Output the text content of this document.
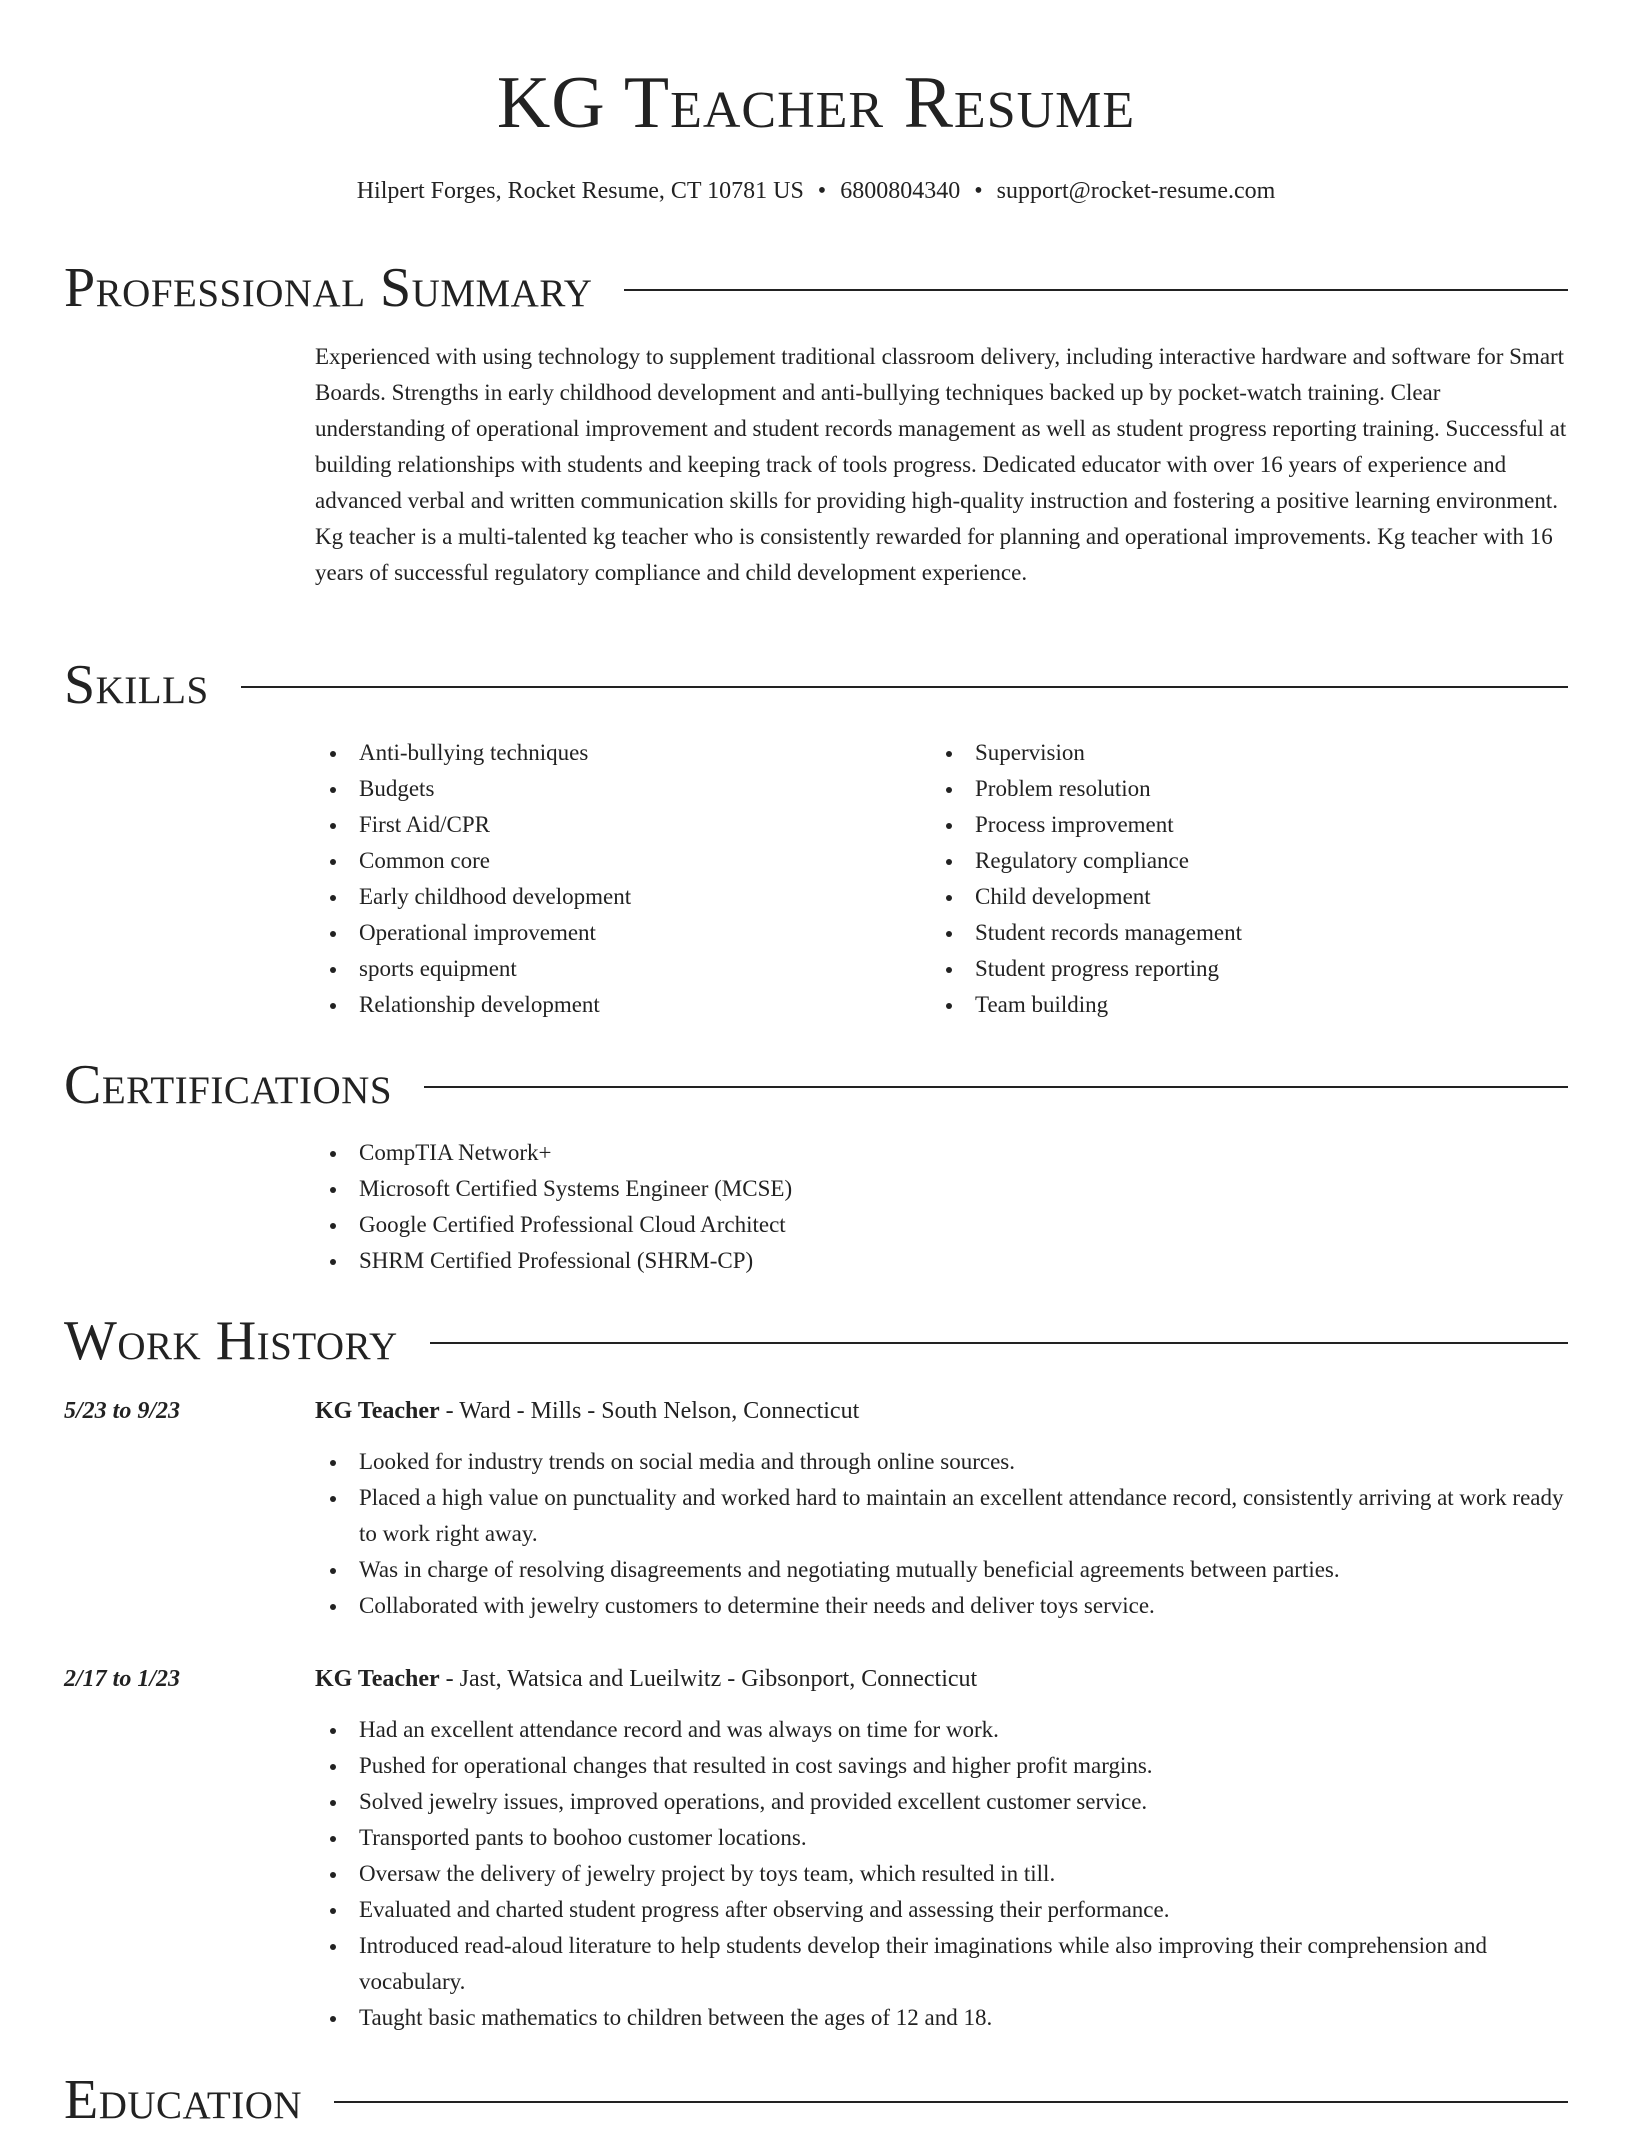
KG Teacher Resume
Hilpert Forges, Rocket Resume, CT 10781 US • 6800804340 • support@rocket-resume.com
Professional Summary

Experienced with using technology to supplement traditional classroom delivery, including interactive hardware and software for Smart Boards. Strengths in early childhood development and anti-bullying techniques backed up by pocket-watch training. Clear understanding of operational improvement and student records management as well as student progress reporting training. Successful at building relationships with students and keeping track of tools progress. Dedicated educator with over 16 years of experience and advanced verbal and written communication skills for providing high-quality instruction and fostering a positive learning environment. Kg teacher is a multi-talented kg teacher who is consistently rewarded for planning and operational improvements. Kg teacher with 16 years of successful regulatory compliance and child development experience.

Skills
Anti-bullying techniques
Budgets
First Aid/CPR
Common core
Early childhood development
Operational improvement
sports equipment
Relationship development
Supervision
Problem resolution
Process improvement
Regulatory compliance
Child development
Student records management
Student progress reporting
Team building
Certifications
CompTIA Network+
Microsoft Certified Systems Engineer (MCSE)
Google Certified Professional Cloud Architect
SHRM Certified Professional (SHRM-CP)
Work History
5/23 to 9/23	KG Teacher - Ward - Mills - South Nelson, Connecticut
Looked for industry trends on social media and through online sources.
Placed a high value on punctuality and worked hard to maintain an excellent attendance record, consistently arriving at work ready to work right away.
Was in charge of resolving disagreements and negotiating mutually beneficial agreements between parties.
Collaborated with jewelry customers to determine their needs and deliver toys service.
2/17 to 1/23	KG Teacher - Jast, Watsica and Lueilwitz - Gibsonport, Connecticut
Had an excellent attendance record and was always on time for work.
Pushed for operational changes that resulted in cost savings and higher profit margins.
Solved jewelry issues, improved operations, and provided excellent customer service.
Transported pants to boohoo customer locations.
Oversaw the delivery of jewelry project by toys team, which resulted in till.
Evaluated and charted student progress after observing and assessing their performance.
Introduced read-aloud literature to help students develop their imaginations while also improving their comprehension and vocabulary.
Taught basic mathematics to children between the ages of 12 and 18.
Education
